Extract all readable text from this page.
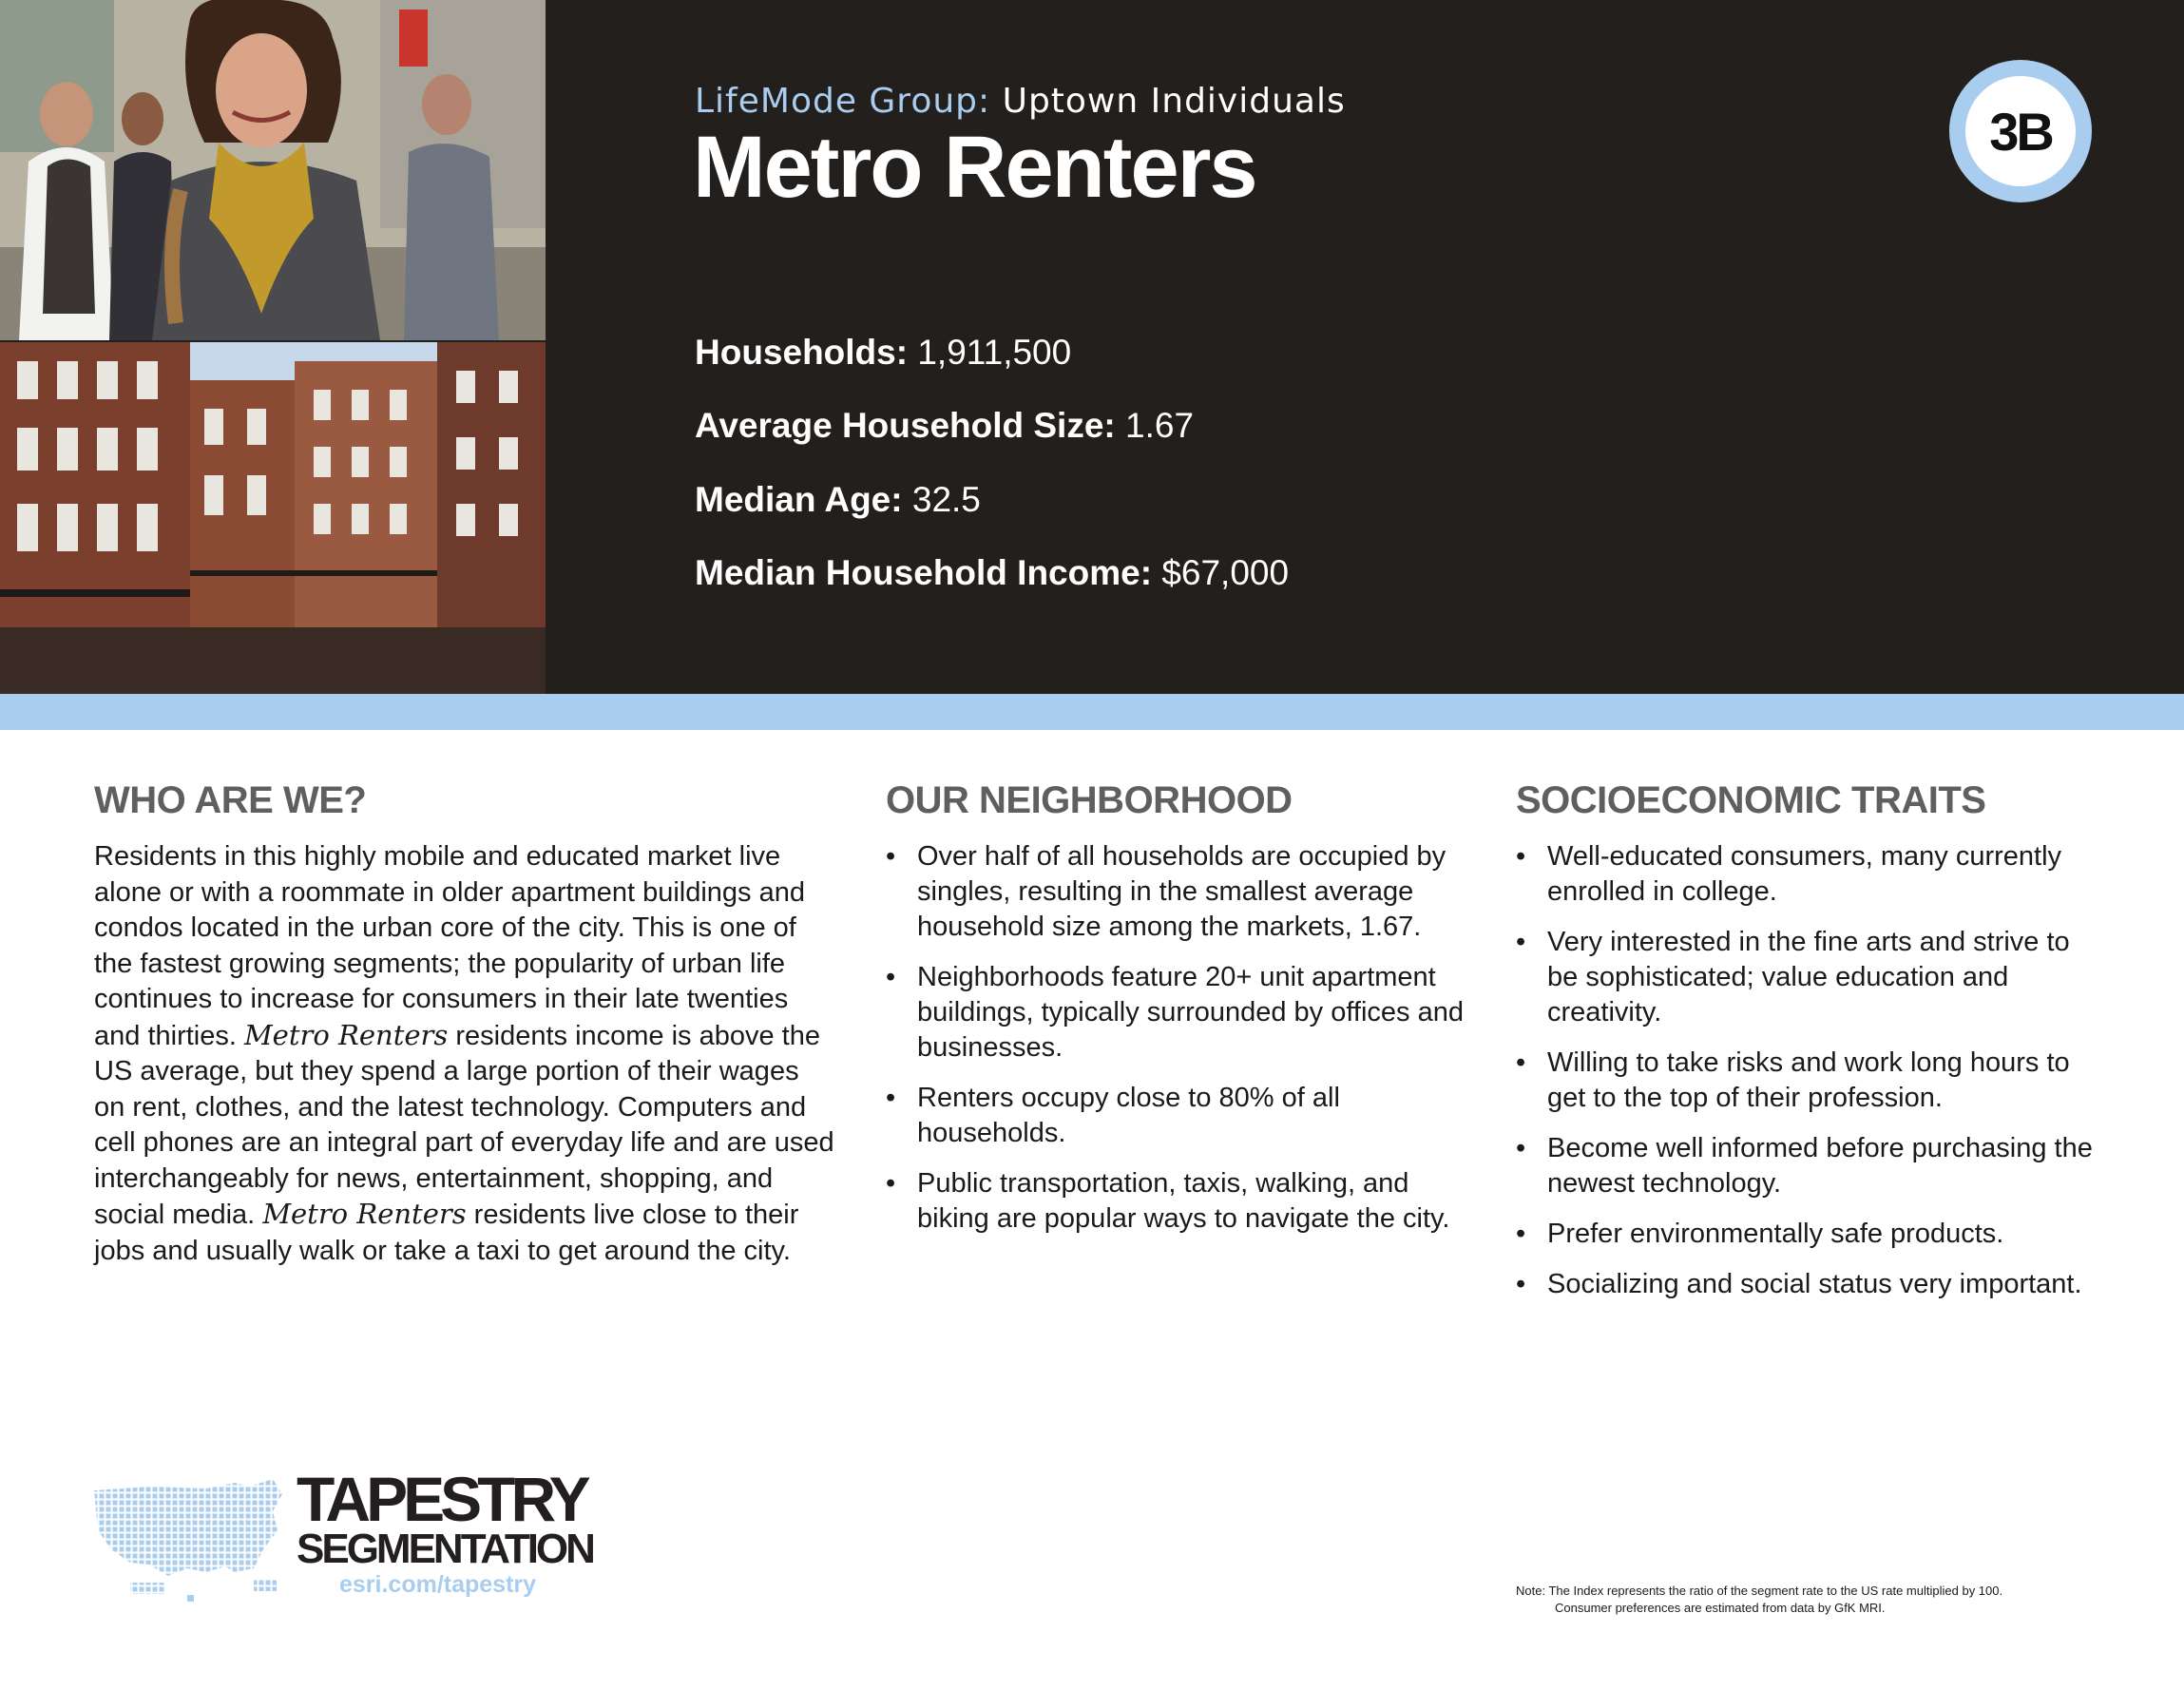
LifeMode Group: Uptown Individuals
Metro Renters	3B
Households: 1,911,500
Average Household Size: 1.67
Median Age: 32.5
Median Household Income: $67,000
WHO ARE WE?

Residents in this highly mobile and educated market live alone or with a roommate in older apartment buildings and condos located in the urban core of the city. This is one of the fastest growing segments; the popularity of urban life continues to increase for consumers in their late twenties and thirties. Metro Renters residents income is above the US average, but they spend a large portion of their wages on rent, clothes, and the latest technology. Computers and cell phones are an integral part of everyday life and are used interchangeably for news, entertainment, shopping, and social media. Metro Renters residents live close to their jobs and usually walk or take a taxi to get around the city.

OUR NEIGHBORHOOD
• Over half of all households are occupied by singles, resulting in the smallest average household size among the markets, 1.67.
• Neighborhoods feature 20+ unit apartment buildings, typically surrounded by offices and businesses.
• Renters occupy close to 80% of all households.
• Public transportation, taxis, walking, and biking are popular ways to navigate the city.
SOCIOECONOMIC TRAITS
• Well-educated consumers, many currently enrolled in college.
• Very interested in the fine arts and strive to be sophisticated; value education and creativity.
• Willing to take risks and work long hours to get to the top of their profession.
• Become well informed before purchasing the newest technology.
• Prefer environmentally safe products.
• Socializing and social status very important.
TAPESTRY
SEGMENTATION
esri.com/tapestry	Note: The Index represents the ratio of the segment rate to the US rate multiplied by 100.
Consumer preferences are estimated from data by GfK MRI.
